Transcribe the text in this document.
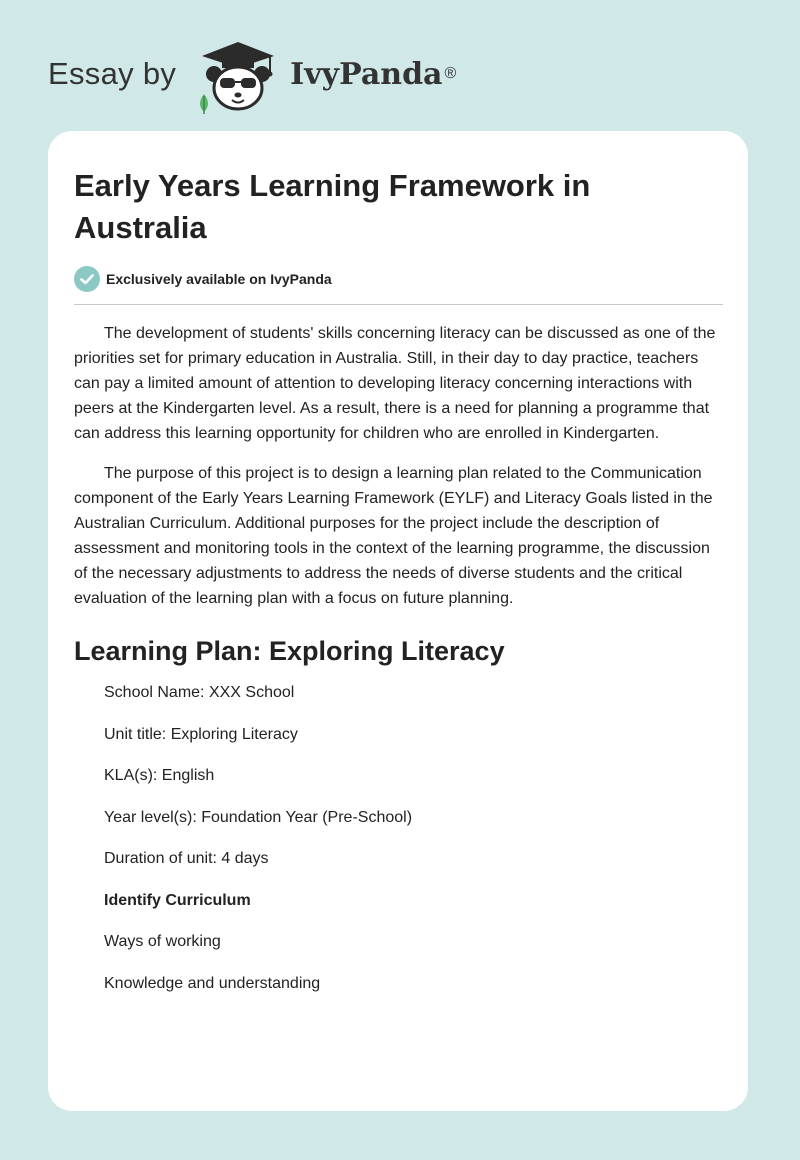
Essay by	IvyPanda ®
Early Years Learning Framework in Australia
Exclusively available on IvyPanda

The development of students' skills concerning literacy can be discussed as one of the priorities set for primary education in Australia. Still, in their day to day practice, teachers can pay a limited amount of attention to developing literacy concerning interactions with peers at the Kindergarten level. As a result, there is a need for planning a programme that can address this learning opportunity for children who are enrolled in Kindergarten.

The purpose of this project is to design a learning plan related to the Communication component of the Early Years Learning Framework (EYLF) and Literacy Goals listed in the Australian Curriculum. Additional purposes for the project include the description of assessment and monitoring tools in the context of the learning programme, the discussion of the necessary adjustments to address the needs of diverse students and the critical evaluation of the learning plan with a focus on future planning.

Learning Plan: Exploring Literacy
School Name: XXX School
Unit title: Exploring Literacy
KLA(s): English
Year level(s): Foundation Year (Pre-School)
Duration of unit: 4 days
Identify Curriculum
Ways of working
Knowledge and understanding
